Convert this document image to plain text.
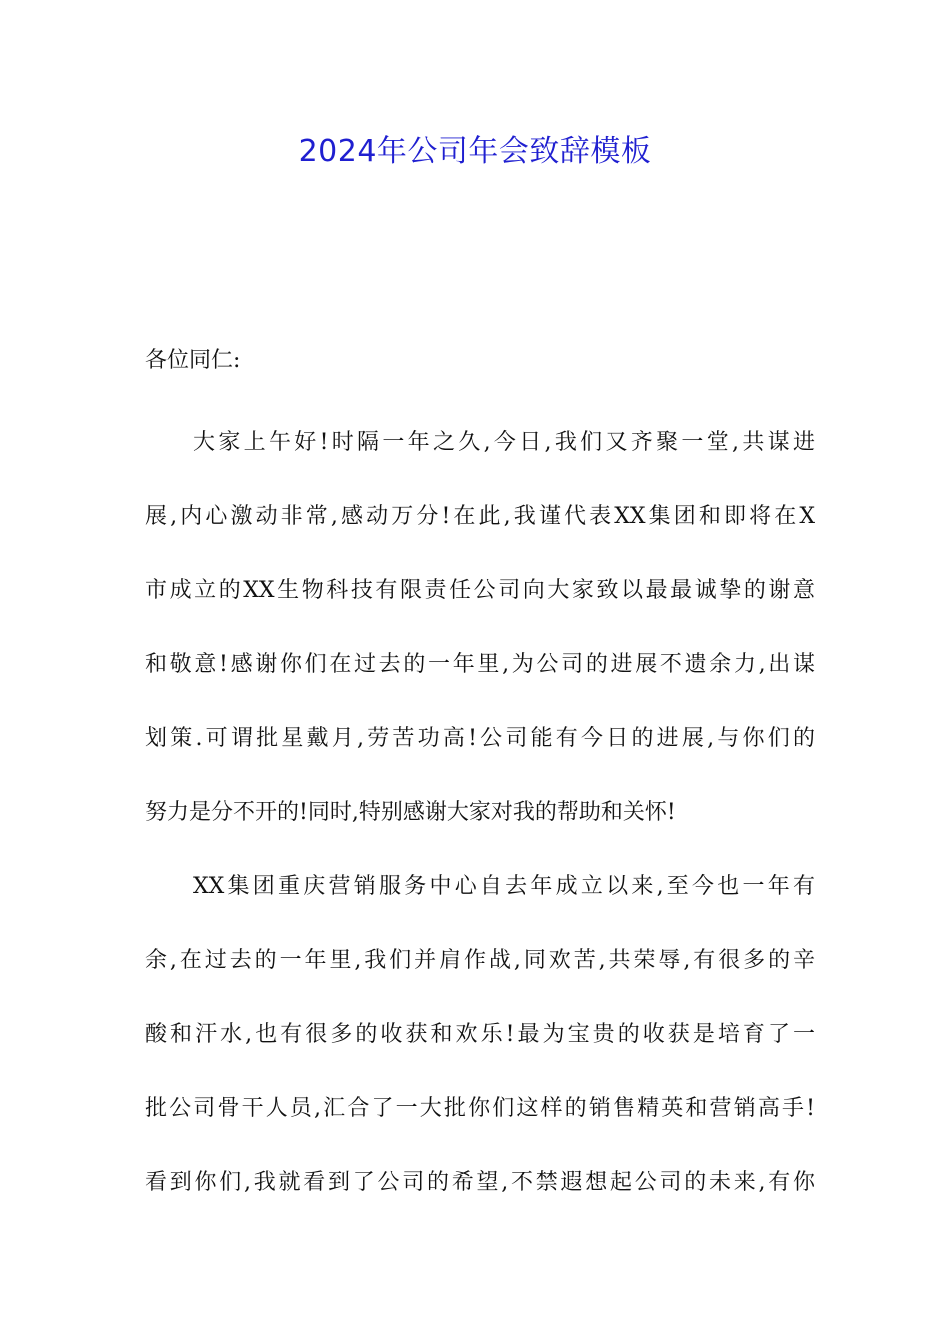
2024年公司年会致辞模板
各位同仁:
大家上午好!时隔一年之久,今日,我们又齐聚一堂,共谋进
展,内心激动非常,感动万分!在此,我谨代表XX集团和即将在X
市成立的XX生物科技有限责任公司向大家致以最最诚挚的谢意
和敬意!感谢你们在过去的一年里,为公司的进展不遗余力,出谋
划策.可谓批星戴月,劳苦功高!公司能有今日的进展,与你们的
努力是分不开的!同时,特别感谢大家对我的帮助和关怀!
XX集团重庆营销服务中心自去年成立以来,至今也一年有
余,在过去的一年里,我们并肩作战,同欢苦,共荣辱,有很多的辛
酸和汗水,也有很多的收获和欢乐!最为宝贵的收获是培育了一
批公司骨干人员,汇合了一大批你们这样的销售精英和营销高手!
看到你们,我就看到了公司的希望,不禁遐想起公司的未来,有你
